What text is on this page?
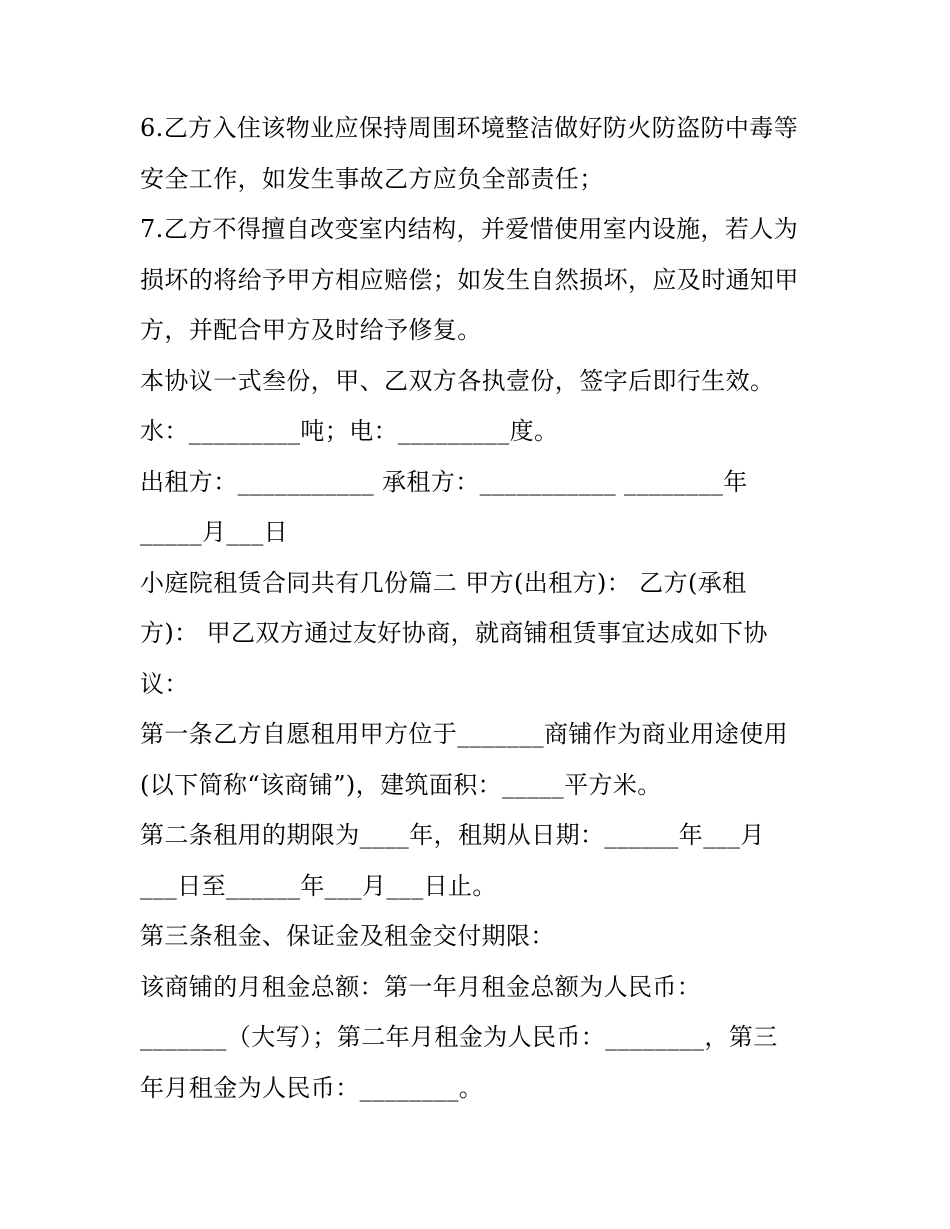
6.乙方入住该物业应保持周围环境整洁做好防火防盗防中毒等
安全工作，如发生事故乙方应负全部责任；
7.乙方不得擅自改变室内结构，并爱惜使用室内设施，若人为
损坏的将给予甲方相应赔偿；如发生自然损坏，应及时通知甲
方，并配合甲方及时给予修复。
本协议一式叁份，甲、乙双方各执壹份，签字后即行生效。
水：_________吨；电：_________度。
出租方：___________ 承租方：___________ ________年
_____月___日
小庭院租赁合同共有几份篇二 甲方(出租方)： 乙方(承租
方)： 甲乙双方通过友好协商，就商铺租赁事宜达成如下协
议：
第一条乙方自愿租用甲方位于_______商铺作为商业用途使用
(以下简称“该商铺”)，建筑面积：_____平方米。
第二条租用的期限为____年，租期从日期：______年___月
___日至______年___月___日止。
第三条租金、保证金及租金交付期限：
该商铺的月租金总额：第一年月租金总额为人民币：
_______（大写）；第二年月租金为人民币：________，第三
年月租金为人民币：________。
